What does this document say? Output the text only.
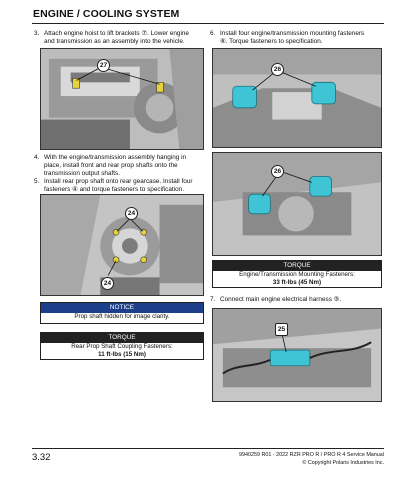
ENGINE / COOLING SYSTEM
3. Attach engine hoist to lift brackets ⑦. Lower engine
and transmission as an assembly into the vehicle.
27
4. With the engine/transmission assembly hanging in
place, install front and rear prop shafts onto the
transmission output shafts.
5. Install rear prop shaft onto rear gearcase. Install four
fasteners ④ and torque fasteners to specification.
24
24
NOTICE
Prop shaft hidden for image clarity.
TORQUE
Rear Prop Shaft Coupling Fasteners:
11 ft-lbs (15 Nm)
6. Install four engine/transmission mounting fasteners
⑥. Torque fasteners to specification.
26
26
TORQUE
Engine/Transmission Mounting Fasteners:
33 ft-lbs (45 Nm)
7. Connect main engine electrical harness ⑤.
25
3.32	9940259 R01 - 2022 RZR PRO R / PRO R 4 Service Manual
© Copyright Polaris Industries Inc.
